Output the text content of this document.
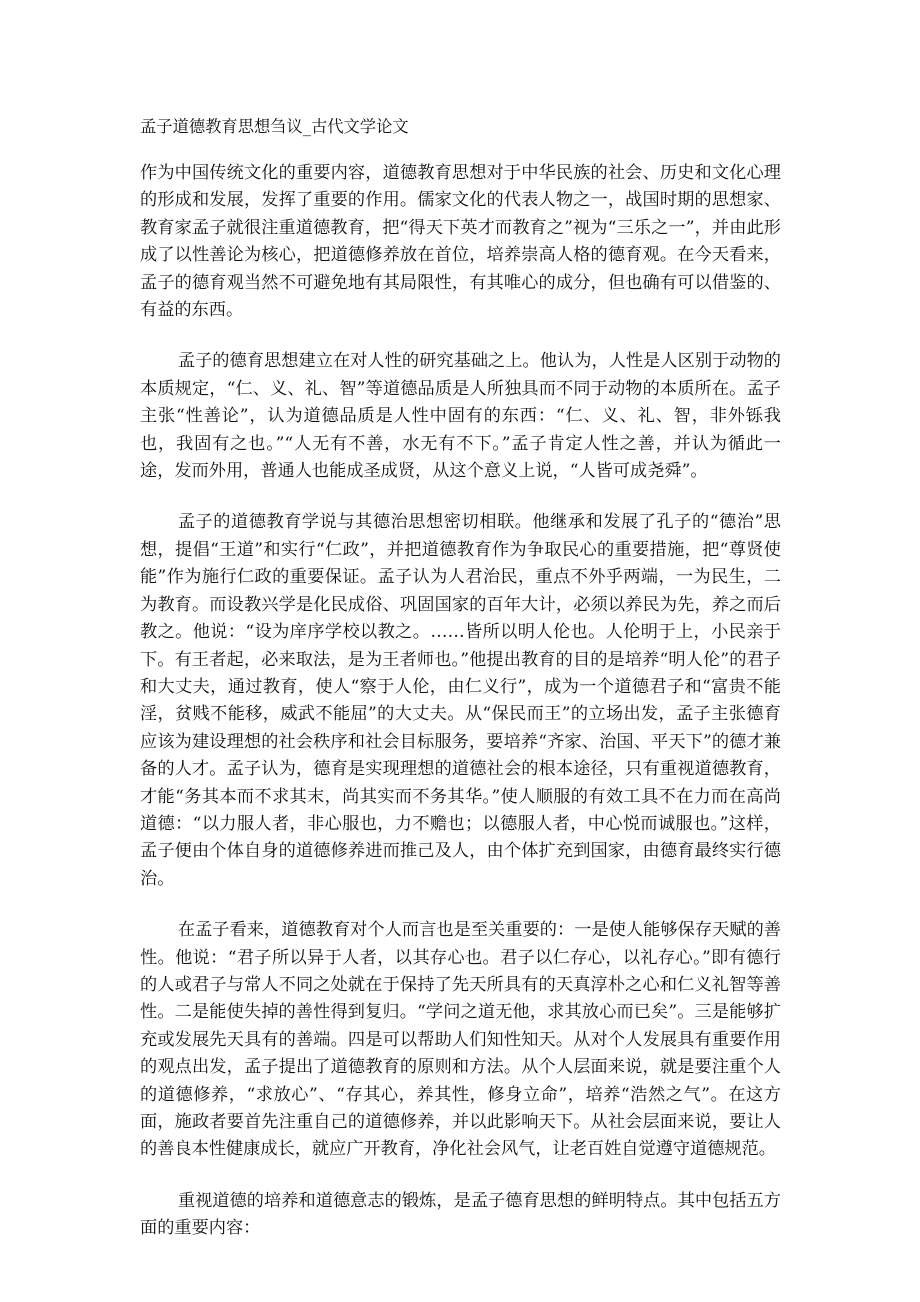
孟子道德教育思想刍议_古代文学论文

作为中国传统文化的重要内容，道德教育思想对于中华民族的社会、历史和文化心理的形成和发展，发挥了重要的作用。儒家文化的代表人物之一，战国时期的思想家、教育家孟子就很注重道德教育，把“得天下英才而教育之”视为“三乐之一”，并由此形成了以性善论为核心，把道德修养放在首位，培养崇高人格的德育观。在今天看来，孟子的德育观当然不可避免地有其局限性，有其唯心的成分，但也确有可以借鉴的、有益的东西。

孟子的德育思想建立在对人性的研究基础之上。他认为，人性是人区别于动物的本质规定，“仁、义、礼、智”等道德品质是人所独具而不同于动物的本质所在。孟子主张“性善论”，认为道德品质是人性中固有的东西：“仁、义、礼、智，非外铄我也，我固有之也。”“人无有不善，水无有不下。”孟子肯定人性之善，并认为循此一途，发而外用，普通人也能成圣成贤，从这个意义上说，“人皆可成尧舜”。

孟子的道德教育学说与其德治思想密切相联。他继承和发展了孔子的“德治”思想，提倡“王道”和实行“仁政”，并把道德教育作为争取民心的重要措施，把“尊贤使能”作为施行仁政的重要保证。孟子认为人君治民，重点不外乎两端，一为民生，二为教育。而设教兴学是化民成俗、巩固国家的百年大计，必须以养民为先，养之而后教之。他说：“设为庠序学校以教之。……皆所以明人伦也。人伦明于上，小民亲于下。有王者起，必来取法，是为王者师也。”他提出教育的目的是培养“明人伦”的君子和大丈夫，通过教育，使人“察于人伦，由仁义行”，成为一个道德君子和“富贵不能淫，贫贱不能移，威武不能屈”的大丈夫。从“保民而王”的立场出发，孟子主张德育应该为建设理想的社会秩序和社会目标服务，要培养“齐家、治国、平天下”的德才兼备的人才。孟子认为，德育是实现理想的道德社会的根本途径，只有重视道德教育，才能“务其本而不求其末，尚其实而不务其华。”使人顺服的有效工具不在力而在高尚道德：“以力服人者，非心服也，力不赡也；以德服人者，中心悦而诚服也。”这样，孟子便由个体自身的道德修养进而推己及人，由个体扩充到国家，由德育最终实行德治。

在孟子看来，道德教育对个人而言也是至关重要的：一是使人能够保存天赋的善性。他说：“君子所以异于人者，以其存心也。君子以仁存心，以礼存心。”即有德行的人或君子与常人不同之处就在于保持了先天所具有的天真淳朴之心和仁义礼智等善性。二是能使失掉的善性得到复归。“学问之道无他，求其放心而已矣”。三是能够扩充或发展先天具有的善端。四是可以帮助人们知性知天。从对个人发展具有重要作用的观点出发，孟子提出了道德教育的原则和方法。从个人层面来说，就是要注重个人的道德修养，“求放心”、“存其心，养其性，修身立命”，培养“浩然之气”。在这方面，施政者要首先注重自己的道德修养，并以此影响天下。从社会层面来说，要让人的善良本性健康成长，就应广开教育，净化社会风气，让老百姓自觉遵守道德规范。

重视道德的培养和道德意志的锻炼，是孟子德育思想的鲜明特点。其中包括五方面的重要内容：
